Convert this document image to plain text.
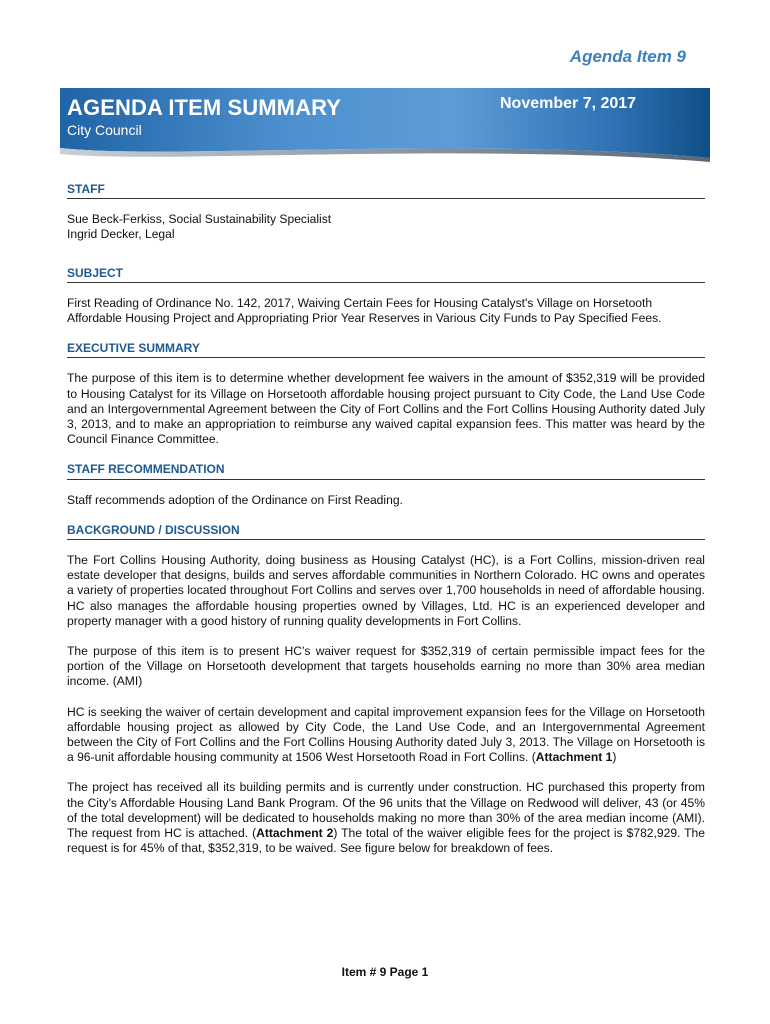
Agenda Item 9
AGENDA ITEM SUMMARY
City Council
November 7, 2017
STAFF
Sue Beck-Ferkiss, Social Sustainability Specialist
Ingrid Decker, Legal
SUBJECT
First Reading of Ordinance No. 142, 2017, Waiving Certain Fees for Housing Catalyst's Village on Horsetooth Affordable Housing Project and Appropriating Prior Year Reserves in Various City Funds to Pay Specified Fees.
EXECUTIVE SUMMARY
The purpose of this item is to determine whether development fee waivers in the amount of $352,319 will be provided to Housing Catalyst for its Village on Horsetooth affordable housing project pursuant to City Code, the Land Use Code and an Intergovernmental Agreement between the City of Fort Collins and the Fort Collins Housing Authority dated July 3, 2013, and to make an appropriation to reimburse any waived capital expansion fees. This matter was heard by the Council Finance Committee.
STAFF RECOMMENDATION
Staff recommends adoption of the Ordinance on First Reading.
BACKGROUND / DISCUSSION
The Fort Collins Housing Authority, doing business as Housing Catalyst (HC), is a Fort Collins, mission-driven real estate developer that designs, builds and serves affordable communities in Northern Colorado. HC owns and operates a variety of properties located throughout Fort Collins and serves over 1,700 households in need of affordable housing. HC also manages the affordable housing properties owned by Villages, Ltd. HC is an experienced developer and property manager with a good history of running quality developments in Fort Collins.
The purpose of this item is to present HC’s waiver request for $352,319 of certain permissible impact fees for the portion of the Village on Horsetooth development that targets households earning no more than 30% area median income. (AMI)
HC is seeking the waiver of certain development and capital improvement expansion fees for the Village on Horsetooth affordable housing project as allowed by City Code, the Land Use Code, and an Intergovernmental Agreement between the City of Fort Collins and the Fort Collins Housing Authority dated July 3, 2013. The Village on Horsetooth is a 96-unit affordable housing community at 1506 West Horsetooth Road in Fort Collins. (Attachment 1)
The project has received all its building permits and is currently under construction. HC purchased this property from the City’s Affordable Housing Land Bank Program. Of the 96 units that the Village on Redwood will deliver, 43 (or 45% of the total development) will be dedicated to households making no more than 30% of the area median income (AMI). The request from HC is attached. (Attachment 2) The total of the waiver eligible fees for the project is $782,929. The request is for 45% of that, $352,319, to be waived. See figure below for breakdown of fees.
Item # 9 Page 1
